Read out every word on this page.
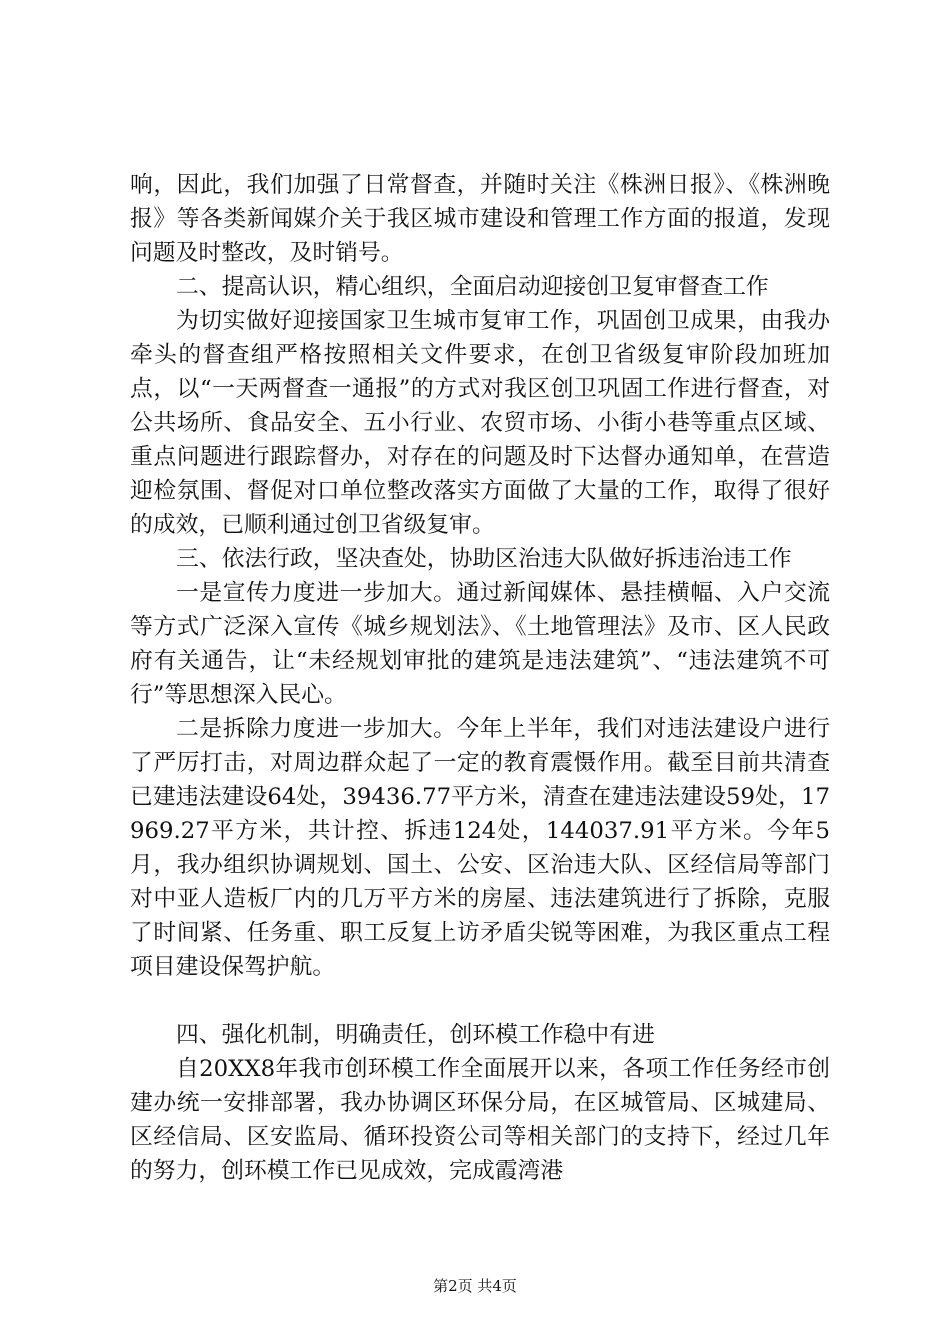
响，因此，我们加强了日常督查，并随时关注《株洲日报》、《株洲晚报》等各类新闻媒介关于我区城市建设和管理工作方面的报道，发现问题及时整改，及时销号。

二、提高认识，精心组织，全面启动迎接创卫复审督查工作

为切实做好迎接国家卫生城市复审工作，巩固创卫成果，由我办牵头的督查组严格按照相关文件要求，在创卫省级复审阶段加班加点，以“一天两督查一通报”的方式对我区创卫巩固工作进行督查，对公共场所、食品安全、五小行业、农贸市场、小街小巷等重点区域、重点问题进行跟踪督办，对存在的问题及时下达督办通知单，在营造迎检氛围、督促对口单位整改落实方面做了大量的工作，取得了很好的成效，已顺利通过创卫省级复审。

三、依法行政，坚决查处，协助区治违大队做好拆违治违工作

一是宣传力度进一步加大。通过新闻媒体、悬挂横幅、入户交流等方式广泛深入宣传《城乡规划法》、《土地管理法》及市、区人民政府有关通告，让“未经规划审批的建筑是违法建筑”、“违法建筑不可行”等思想深入民心。

二是拆除力度进一步加大。今年上半年，我们对违法建设户进行了严厉打击，对周边群众起了一定的教育震慑作用。截至目前共清查已建违法建设64处，39436.77平方米，清查在建违法建设59处，17969.27平方米，共计控、拆违124处，144037.91平方米。今年5月，我办组织协调规划、国土、公安、区治违大队、区经信局等部门对中亚人造板厂内的几万平方米的房屋、违法建筑进行了拆除，克服了时间紧、任务重、职工反复上访矛盾尖锐等困难，为我区重点工程项目建设保驾护航。

四、强化机制，明确责任，创环模工作稳中有进

自20XX8年我市创环模工作全面展开以来，各项工作任务经市创建办统一安排部署，我办协调区环保分局，在区城管局、区城建局、区经信局、区安监局、循环投资公司等相关部门的支持下，经过几年的努力，创环模工作已见成效，完成霞湾港

第2页 共4页
